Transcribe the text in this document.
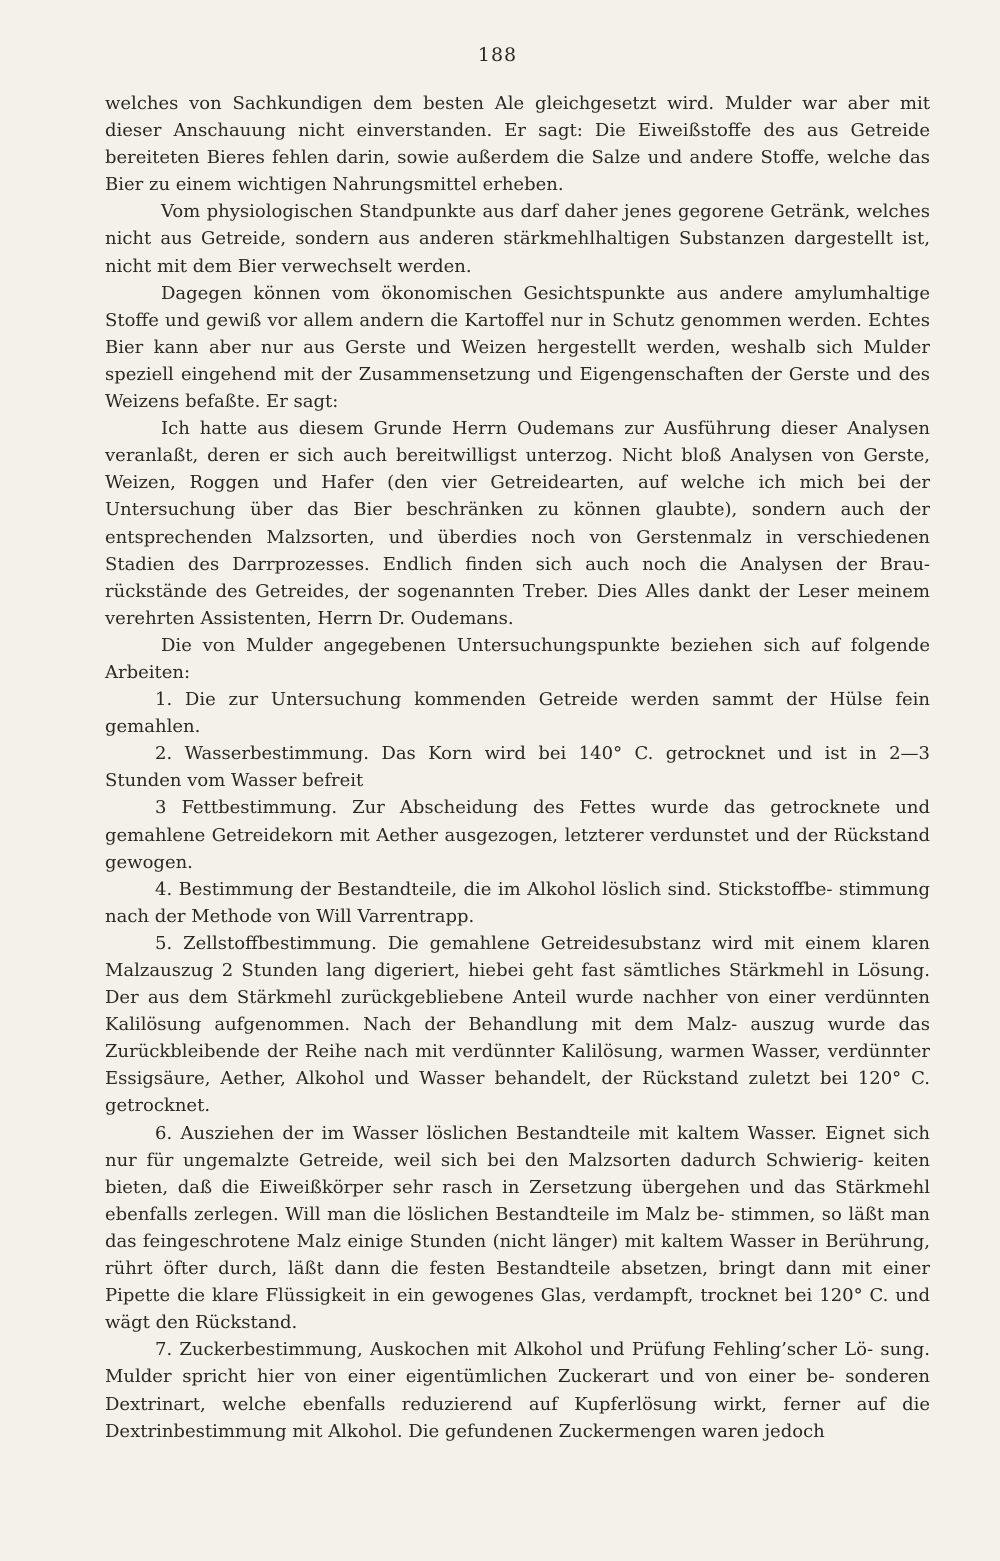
188

welches von Sachkundigen dem besten Ale gleichgesetzt wird. Mulder war aber mit dieser Anschauung nicht einverstanden. Er sagt: Die Eiweißstoffe des aus Getreide bereiteten Bieres fehlen darin, sowie außerdem die Salze und andere Stoffe, welche das Bier zu einem wichtigen Nahrungsmittel erheben.

Vom physiologischen Standpunkte aus darf daher jenes gegorene Getränk, welches nicht aus Getreide, sondern aus anderen stärkmehlhaltigen Substanzen dargestellt ist, nicht mit dem Bier verwechselt werden.

Dagegen können vom ökonomischen Gesichtspunkte aus andere amylumhaltige Stoffe und gewiß vor allem andern die Kartoffel nur in Schutz genommen werden. Echtes Bier kann aber nur aus Gerste und Weizen hergestellt werden, weshalb sich Mulder speziell eingehend mit der Zusammensetzung und Eigengenschaften der Gerste und des Weizens befaßte. Er sagt:

Ich hatte aus diesem Grunde Herrn Oudemans zur Ausführung dieser Analysen veranlaßt, deren er sich auch bereitwilligst unterzog. Nicht bloß Analysen von Gerste, Weizen, Roggen und Hafer (den vier Getreidearten, auf welche ich mich bei der Untersuchung über das Bier beschränken zu können glaubte), sondern auch der entsprechenden Malzsorten, und überdies noch von Gerstenmalz in verschiedenen Stadien des Darrprozesses. Endlich finden sich auch noch die Analysen der Brau- rückstände des Getreides, der sogenannten Treber. Dies Alles dankt der Leser meinem verehrten Assistenten, Herrn Dr. Oudemans.

Die von Mulder angegebenen Untersuchungspunkte beziehen sich auf folgende Arbeiten:

1. Die zur Untersuchung kommenden Getreide werden sammt der Hülse fein gemahlen.

2. Wasserbestimmung. Das Korn wird bei 140° C. getrocknet und ist in 2—3 Stunden vom Wasser befreit

3 Fettbestimmung. Zur Abscheidung des Fettes wurde das getrocknete und gemahlene Getreidekorn mit Aether ausgezogen, letzterer verdunstet und der Rückstand gewogen.

4. Bestimmung der Bestandteile, die im Alkohol löslich sind. Stickstoffbe- stimmung nach der Methode von Will Varrentrapp.

5. Zellstoffbestimmung. Die gemahlene Getreidesubstanz wird mit einem klaren Malzauszug 2 Stunden lang digeriert, hiebei geht fast sämtliches Stärkmehl in Lösung. Der aus dem Stärkmehl zurückgebliebene Anteil wurde nachher von einer verdünnten Kalilösung aufgenommen. Nach der Behandlung mit dem Malz- auszug wurde das Zurückbleibende der Reihe nach mit verdünnter Kalilösung, warmen Wasser, verdünnter Essigsäure, Aether, Alkohol und Wasser behandelt, der Rückstand zuletzt bei 120° C. getrocknet.

6. Ausziehen der im Wasser löslichen Bestandteile mit kaltem Wasser. Eignet sich nur für ungemalzte Getreide, weil sich bei den Malzsorten dadurch Schwierig- keiten bieten, daß die Eiweißkörper sehr rasch in Zersetzung übergehen und das Stärkmehl ebenfalls zerlegen. Will man die löslichen Bestandteile im Malz be- stimmen, so läßt man das feingeschrotene Malz einige Stunden (nicht länger) mit kaltem Wasser in Berührung, rührt öfter durch, läßt dann die festen Bestandteile absetzen, bringt dann mit einer Pipette die klare Flüssigkeit in ein gewogenes Glas, verdampft, trocknet bei 120° C. und wägt den Rückstand.

7. Zuckerbestimmung, Auskochen mit Alkohol und Prüfung Fehling’scher Lö- sung. Mulder spricht hier von einer eigentümlichen Zuckerart und von einer be- sonderen Dextrinart, welche ebenfalls reduzierend auf Kupferlösung wirkt, ferner auf die Dextrinbestimmung mit Alkohol. Die gefundenen Zuckermengen waren jedoch
